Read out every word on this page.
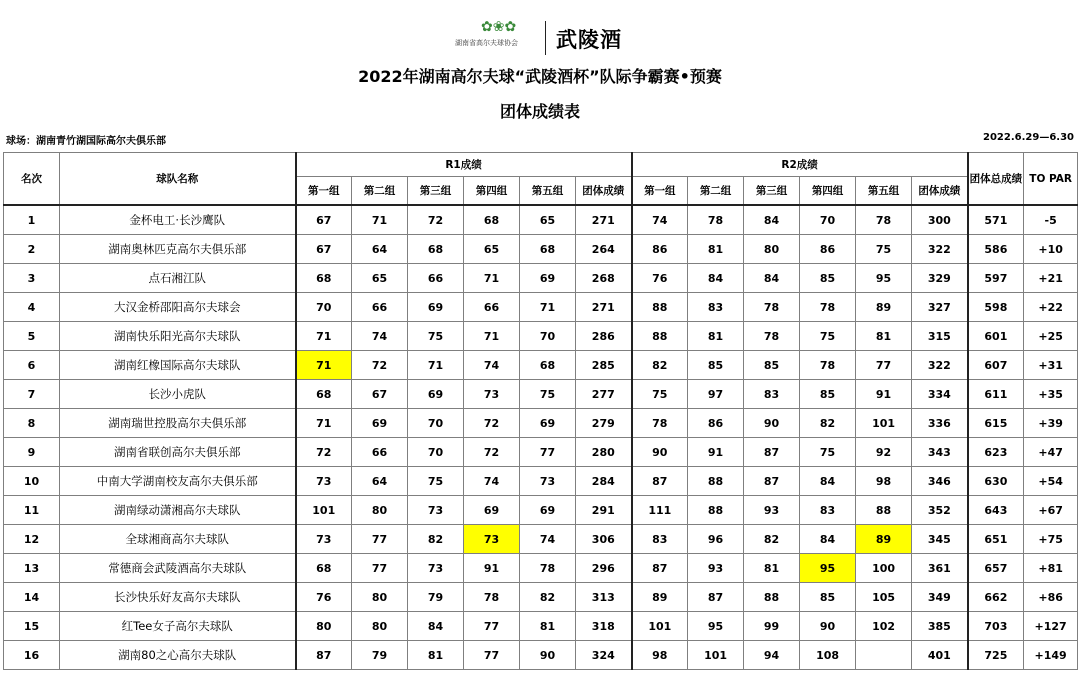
✿❀✿
湖南省高尔夫球协会 武陵酒
2022年湖南高尔夫球“武陵酒杯”队际争霸赛•预赛
团体成绩表
球场：湖南青竹湖国际高尔夫俱乐部	2022.6.29—6.30
名次	球队名称	R1成绩						R2成绩						团体总成绩	TO PAR
		第一组	第二组	第三组	第四组	第五组	团体成绩	第一组	第二组	第三组	第四组	第五组	团体成绩		
1	金杯电工·长沙鹰队	67	71	72	68	65	271	74	78	84	70	78	300	571	-5
2	湖南奥林匹克高尔夫俱乐部	67	64	68	65	68	264	86	81	80	86	75	322	586	+10
3	点石湘江队	68	65	66	71	69	268	76	84	84	85	95	329	597	+21
4	大汉金桥邵阳高尔夫球会	70	66	69	66	71	271	88	83	78	78	89	327	598	+22
5	湖南快乐阳光高尔夫球队	71	74	75	71	70	286	88	81	78	75	81	315	601	+25
6	湖南红橡国际高尔夫球队	71	72	71	74	68	285	82	85	85	78	77	322	607	+31
7	长沙小虎队	68	67	69	73	75	277	75	97	83	85	91	334	611	+35
8	湖南瑞世控股高尔夫俱乐部	71	69	70	72	69	279	78	86	90	82	101	336	615	+39
9	湖南省联创高尔夫俱乐部	72	66	70	72	77	280	90	91	87	75	92	343	623	+47
10	中南大学湖南校友高尔夫俱乐部	73	64	75	74	73	284	87	88	87	84	98	346	630	+54
11	湖南绿动潇湘高尔夫球队	101	80	73	69	69	291	111	88	93	83	88	352	643	+67
12	全球湘商高尔夫球队	73	77	82	73	74	306	83	96	82	84	89	345	651	+75
13	常德商会武陵酒高尔夫球队	68	77	73	91	78	296	87	93	81	95	100	361	657	+81
14	长沙快乐好友高尔夫球队	76	80	79	78	82	313	89	87	88	85	105	349	662	+86
15	红Tee女子高尔夫球队	80	80	84	77	81	318	101	95	99	90	102	385	703	+127
16	湖南80之心高尔夫球队	87	79	81	77	90	324	98	101	94	108		401	725	+149
